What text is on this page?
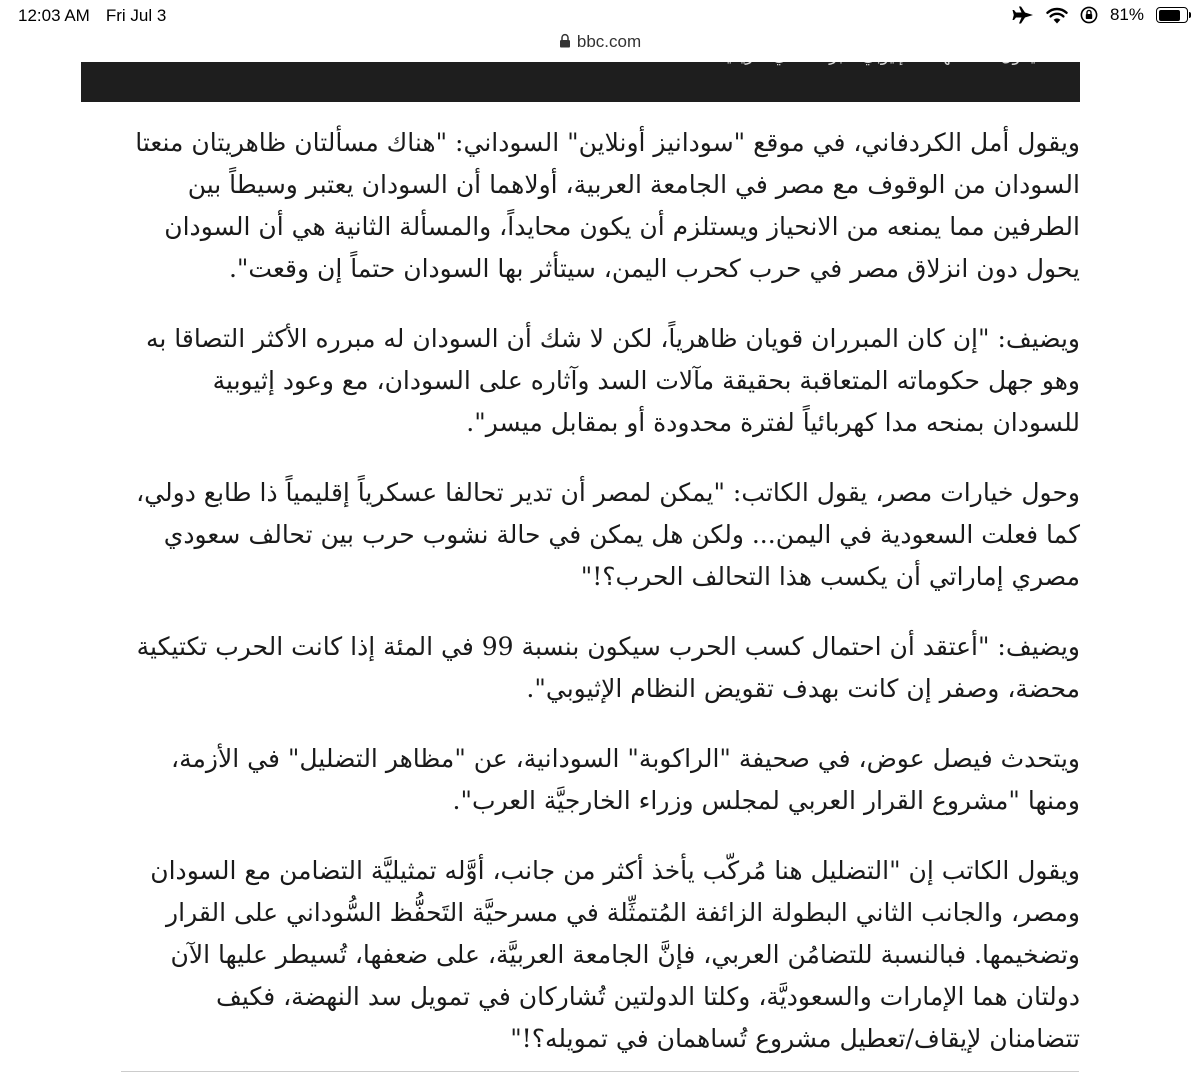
12:03 AM Fri Jul 3	81%
bbc.com

ويقول أمل الكردفاني، في موقع "سودانيز أونلاين" السوداني: "هناك مسألتان ظاهريتان منعتا السودان من الوقوف مع مصر في الجامعة العربية، أولاهما أن السودان يعتبر وسيطاً بين الطرفين مما يمنعه من الانحياز ويستلزم أن يكون محايداً، والمسألة الثانية هي أن السودان يحول دون انزلاق مصر في حرب كحرب اليمن، سيتأثر بها السودان حتماً إن وقعت".

ويضيف: "إن كان المبرران قويان ظاهرياً، لكن لا شك أن السودان له مبرره الأكثر التصاقا به وهو جهل حكوماته المتعاقبة بحقيقة مآلات السد وآثاره على السودان، مع وعود إثيوبية للسودان بمنحه مدا كهربائياً لفترة محدودة أو بمقابل ميسر".

وحول خيارات مصر، يقول الكاتب: "يمكن لمصر أن تدير تحالفا عسكرياً إقليمياً ذا طابع دولي، كما فعلت السعودية في اليمن... ولكن هل يمكن في حالة نشوب حرب بين تحالف سعودي مصري إماراتي أن يكسب هذا التحالف الحرب؟!"

ويضيف: "أعتقد أن احتمال كسب الحرب سيكون بنسبة 99 في المئة إذا كانت الحرب تكتيكية محضة، وصفر إن كانت بهدف تقويض النظام الإثيوبي".

ويتحدث فيصل عوض، في صحيفة "الراكوبة" السودانية، عن "مظاهر التضليل" في الأزمة، ومنها "مشروع القرار العربي لمجلس وزراء الخارجيَّة العرب".

ويقول الكاتب إن "التضليل هنا مُركّب يأخذ أكثر من جانب، أوَّله تمثيليَّة التضامن مع السودان ومصر، والجانب الثاني البطولة الزائفة المُتمثِّلة في مسرحيَّة التَحفُّظ السُّوداني على القرار وتضخيمها. فبالنسبة للتضامُن العربي، فإنَّ الجامعة العربيَّة، على ضعفها، تُسيطر عليها الآن دولتان هما الإمارات والسعوديَّة، وكلتا الدولتين تُشاركان في تمويل سد النهضة، فكيف تتضامنان لإيقاف/تعطيل مشروع تُساهمان في تمويله؟!"
